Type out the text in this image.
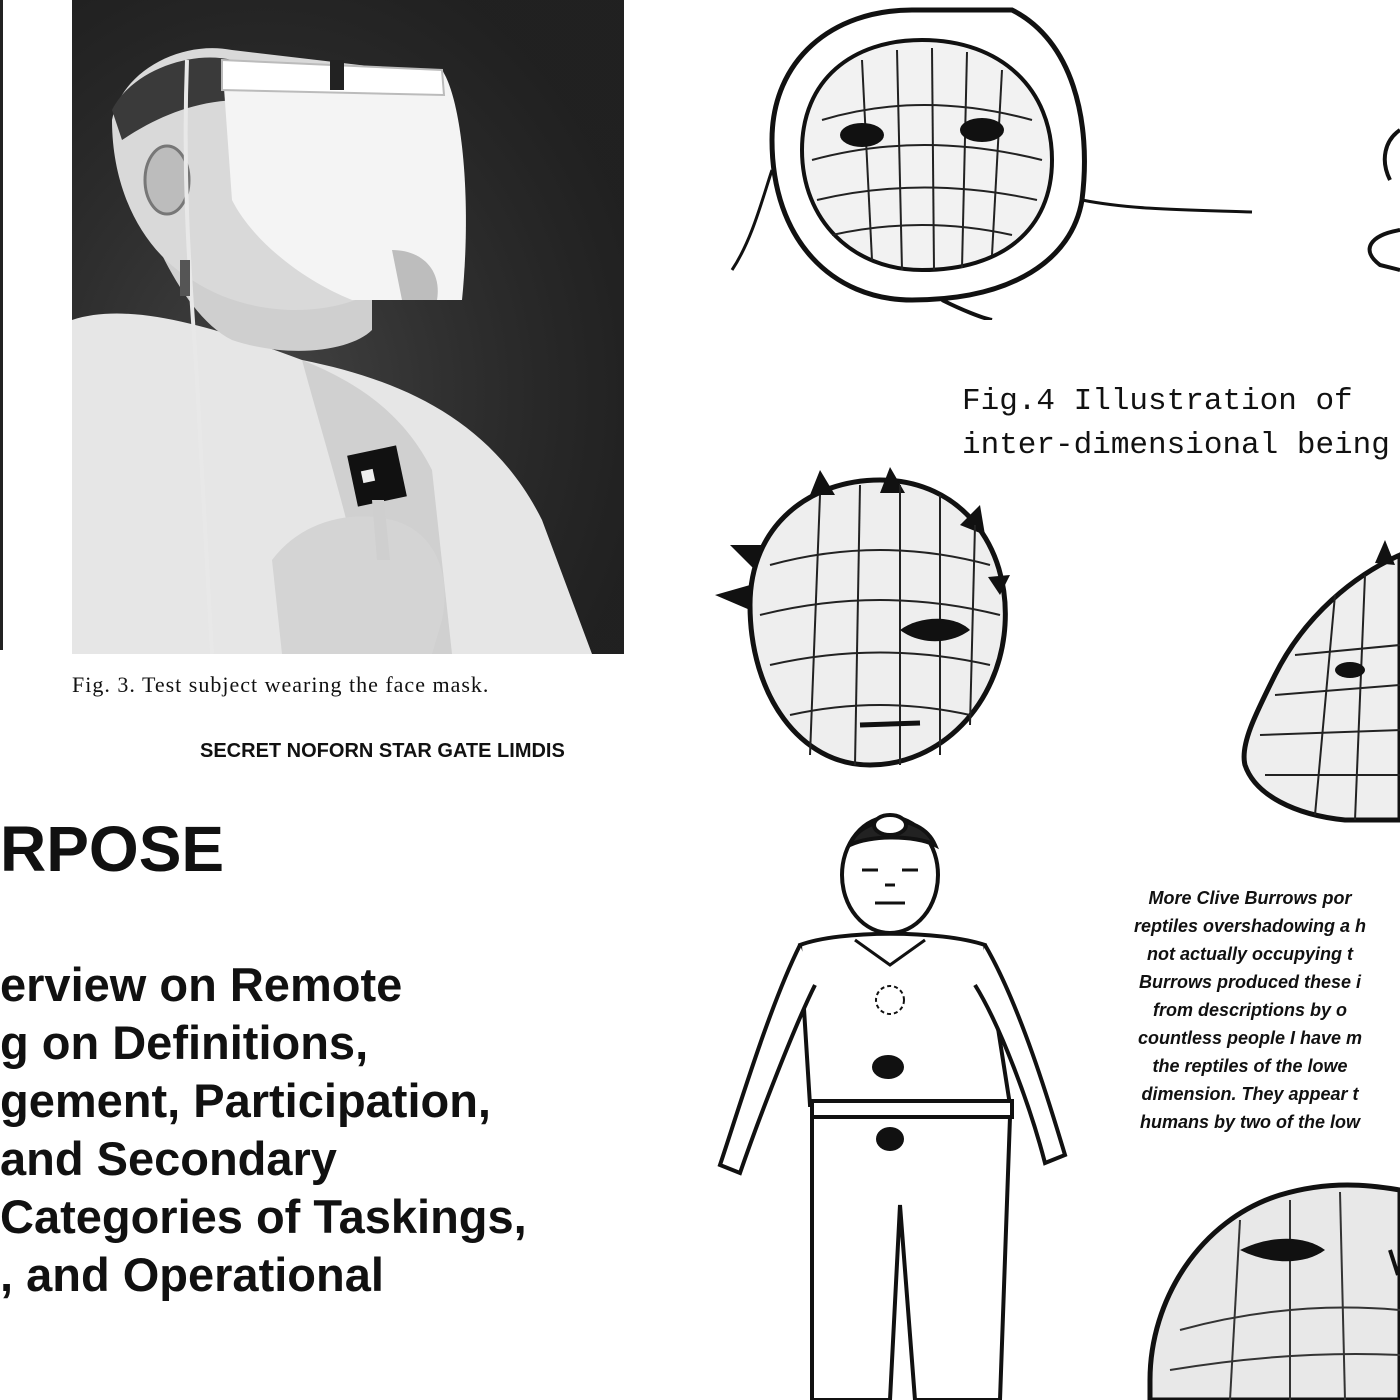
Fig. 3. Test subject wearing the face mask.
SECRET NOFORN STAR GATE LIMDIS
RPOSE
erview on Remote
g on Definitions,
gement, Participation,
and Secondary
Categories of Taskings,
, and Operational
Fig.4 Illustration of
inter-dimensional being
More Clive Burrows por
reptiles overshadowing a h
not actually occupying t
Burrows produced these i
from descriptions by o
countless people I have m
the reptiles of the lowe
dimension. They appear t
humans by two of the low
